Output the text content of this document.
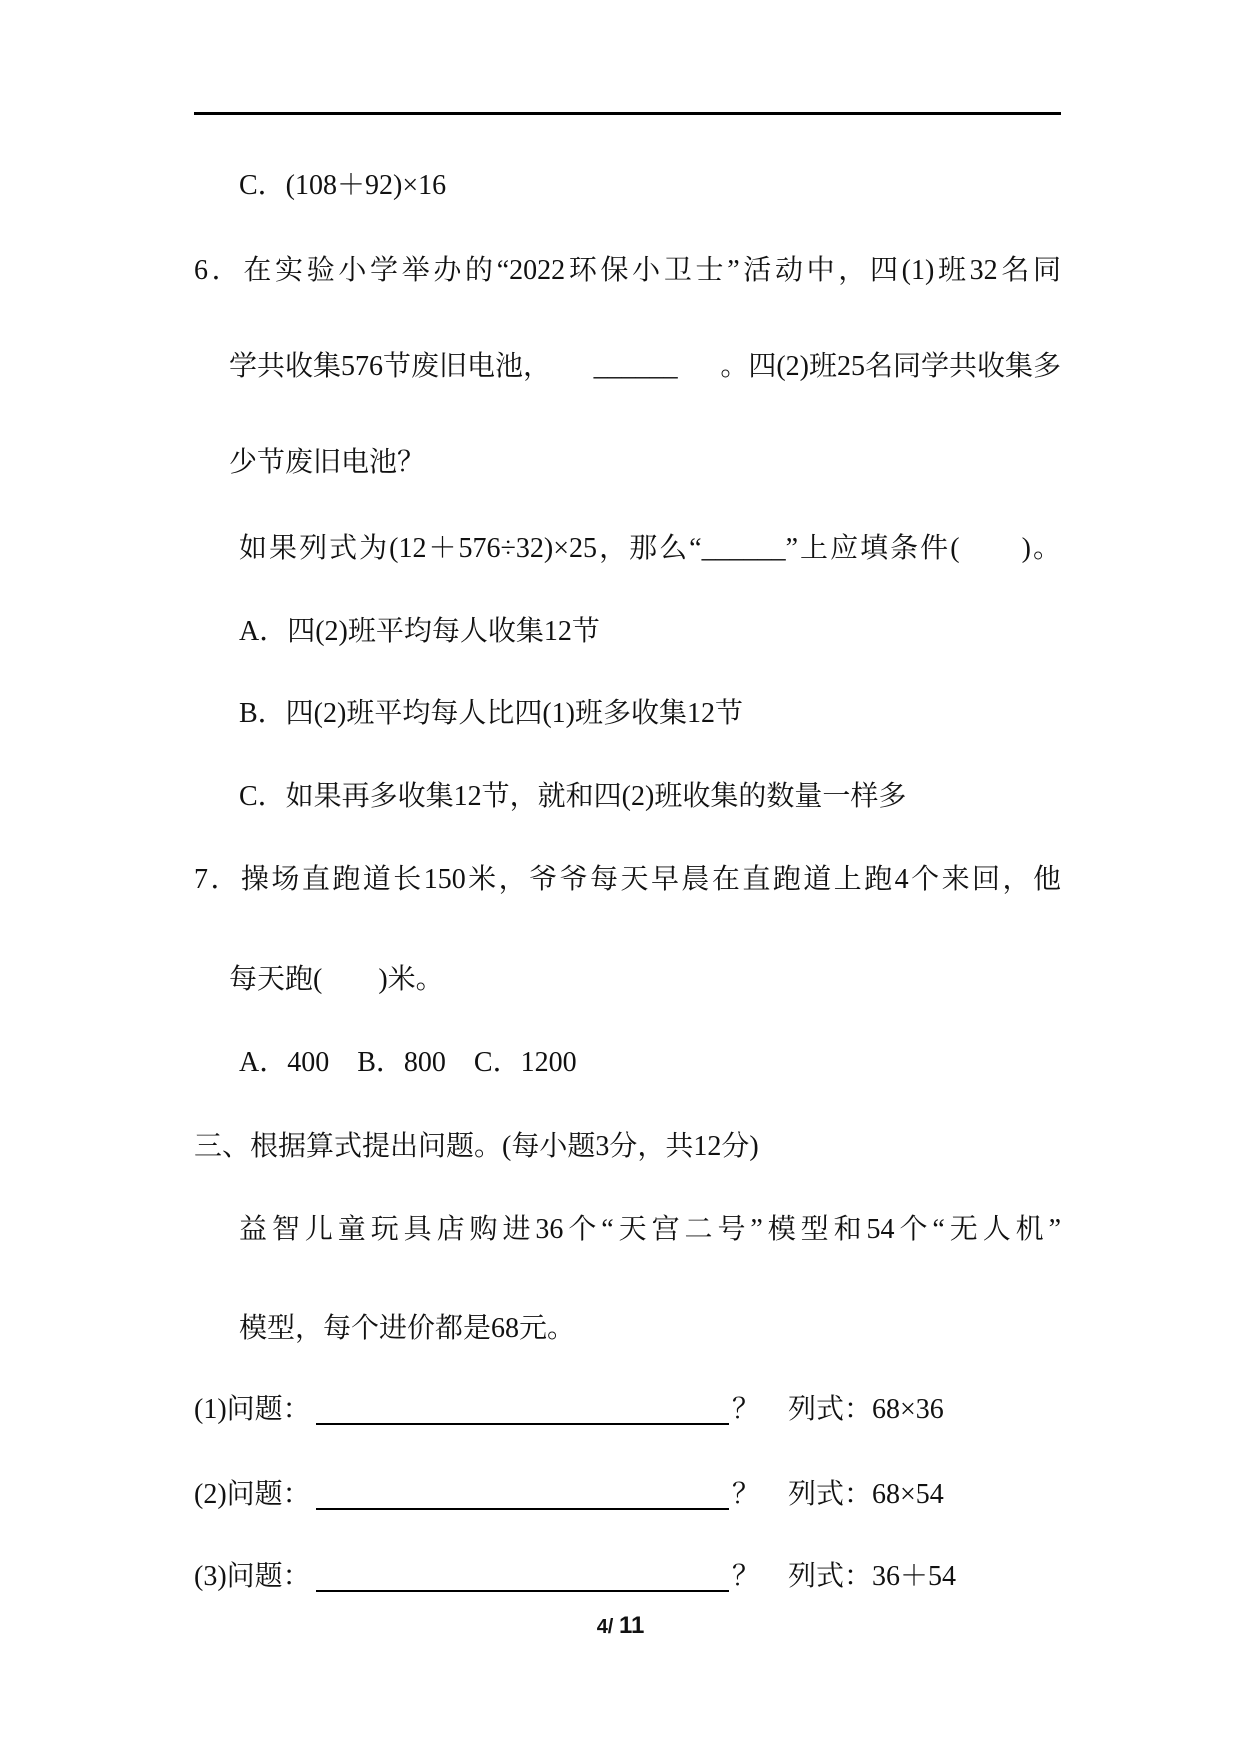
C．(108＋92)×16
6．在实验小学举办的“2022环保小卫士”活动中，四(1)班32名同
学共收集576节废旧电池， ______ 。四(2)班25名同学共收集多
少节废旧电池？
如果列式为(12＋576÷32)×25，那么“______”上应填条件(　　)。
A．四(2)班平均每人收集12节
B．四(2)班平均每人比四(1)班多收集12节
C．如果再多收集12节，就和四(2)班收集的数量一样多
7．操场直跑道长150米，爷爷每天早晨在直跑道上跑4个来回，他
每天跑(　　)米。
A．400　B．800　C．1200
三、根据算式提出问题。(每小题3分，共12分)
益智儿童玩具店购进36个“天宫二号”模型和54个“无人机”
模型，每个进价都是68元。
(1)问题：	？ 列式：68×36
(2)问题：	？ 列式：68×54
(3)问题：	？ 列式：36＋54
4/ 11
